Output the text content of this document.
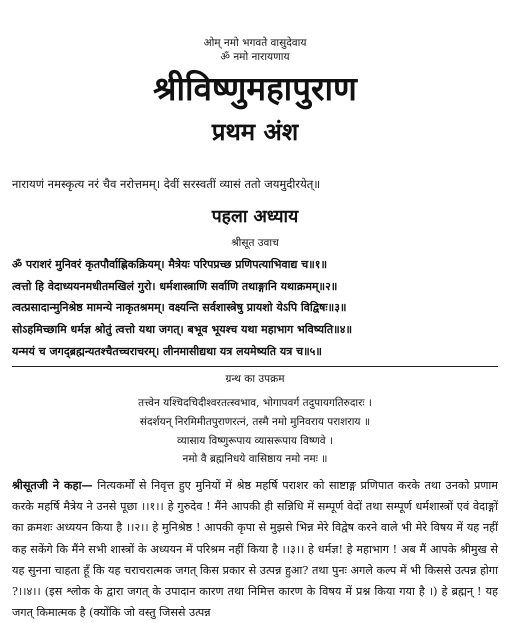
ओम् नमो भगवते वासुदेवाय
ॐ नमो नारायणाय
श्रीविष्णुमहापुराण
प्रथम अंश
नारायणं नमस्कृत्य नरं चैव नरोत्तमम्। देवीं सरस्वतीं व्यासं ततो जयमुदीरयेत्॥
पहला अध्याय
श्रीसूत उवाच
ॐ पराशरं मुनिवरं कृतपौर्वाह्णिकक्रियम्। मैत्रेयः परिपप्रच्छ प्रणिपत्याभिवाद्य च॥१॥
त्वत्तो हि वेदाध्ययनमधीतमखिलं गुरो। धर्मशास्त्राणि सर्वाणि तथाङ्गानि यथाक्रमम्॥२॥
त्वत्प्रसादान्मुनिश्रेष्ठ मामन्ये नाकृतश्रमम्। वक्ष्यन्ति सर्वशास्त्रेषु प्रायशो येऽपि विद्विषः॥३॥
सोऽहमिच्छामि धर्मज्ञ श्रोतुं त्वत्तो यथा जगत्। बभूव भूयश्च यथा महाभाग भविष्यति॥४॥
यन्मयं च जगद्ब्रह्मन्यतश्चैतच्चराचरम्। लीनमासीद्यथा यत्र लयमेष्यति यत्र च॥५॥
ग्रन्थ का उपक्रम
तत्त्वेन यश्चिदचिदीश्वरतत्स्वभाव, भोगापवर्ग तदुपायगतिरुदारः ।
संदर्शयन् निरमिमीतपुराणरत्नं, तस्मै नमो मुनिवराय पराशराय ॥
व्यासाय विष्णुरूपाय व्यासरूपाय विष्णवे ।
नमो वै ब्रह्मनिधये वासिष्ठाय नमो नमः ॥
श्रीसूतजी ने कहा— नित्यकर्मों से निवृत्त हुए मुनियों में श्रेष्ठ महर्षि पराशर को साष्टाङ्ग प्रणिपात करके तथा उनको प्रणाम करके महर्षि मैत्रेय ने उनसे पूछा ।।१।। हे गुरुदेव ! मैंने आपकी ही सन्निधि में सम्पूर्ण वेदों तथा सम्पूर्ण धर्मशास्त्रों एवं वेदाङ्गों का क्रमशः अध्ययन किया है ।।२।। हे मुनिश्रेष्ठ ! आपकी कृपा से मुझसे भिन्न मेरे विद्वेष करने वाले भी मेरे विषय में यह नहीं कह सकेंगे कि मैंने सभी शास्त्रों के अध्ययन में परिश्रम नहीं किया है ।।३।। हे धर्मज्ञ! हे महाभाग ! अब मैं आपके श्रीमुख से यह सुनना चाहता हूँ कि यह चराचरात्मक जगत् किस प्रकार से उत्पन्न हुआ? तथा पुनः अगले कल्प में भी किससे उत्पन्न होगा ?।।४।। (इस श्लोक के द्वारा जगत् के उपादान कारण तथा निमित्त कारण के विषय में प्रश्न किया गया है ।) हे ब्रह्मन् ! यह जगत् किमात्मक है (क्योंकि जो वस्तु जिससे उत्पन्न
